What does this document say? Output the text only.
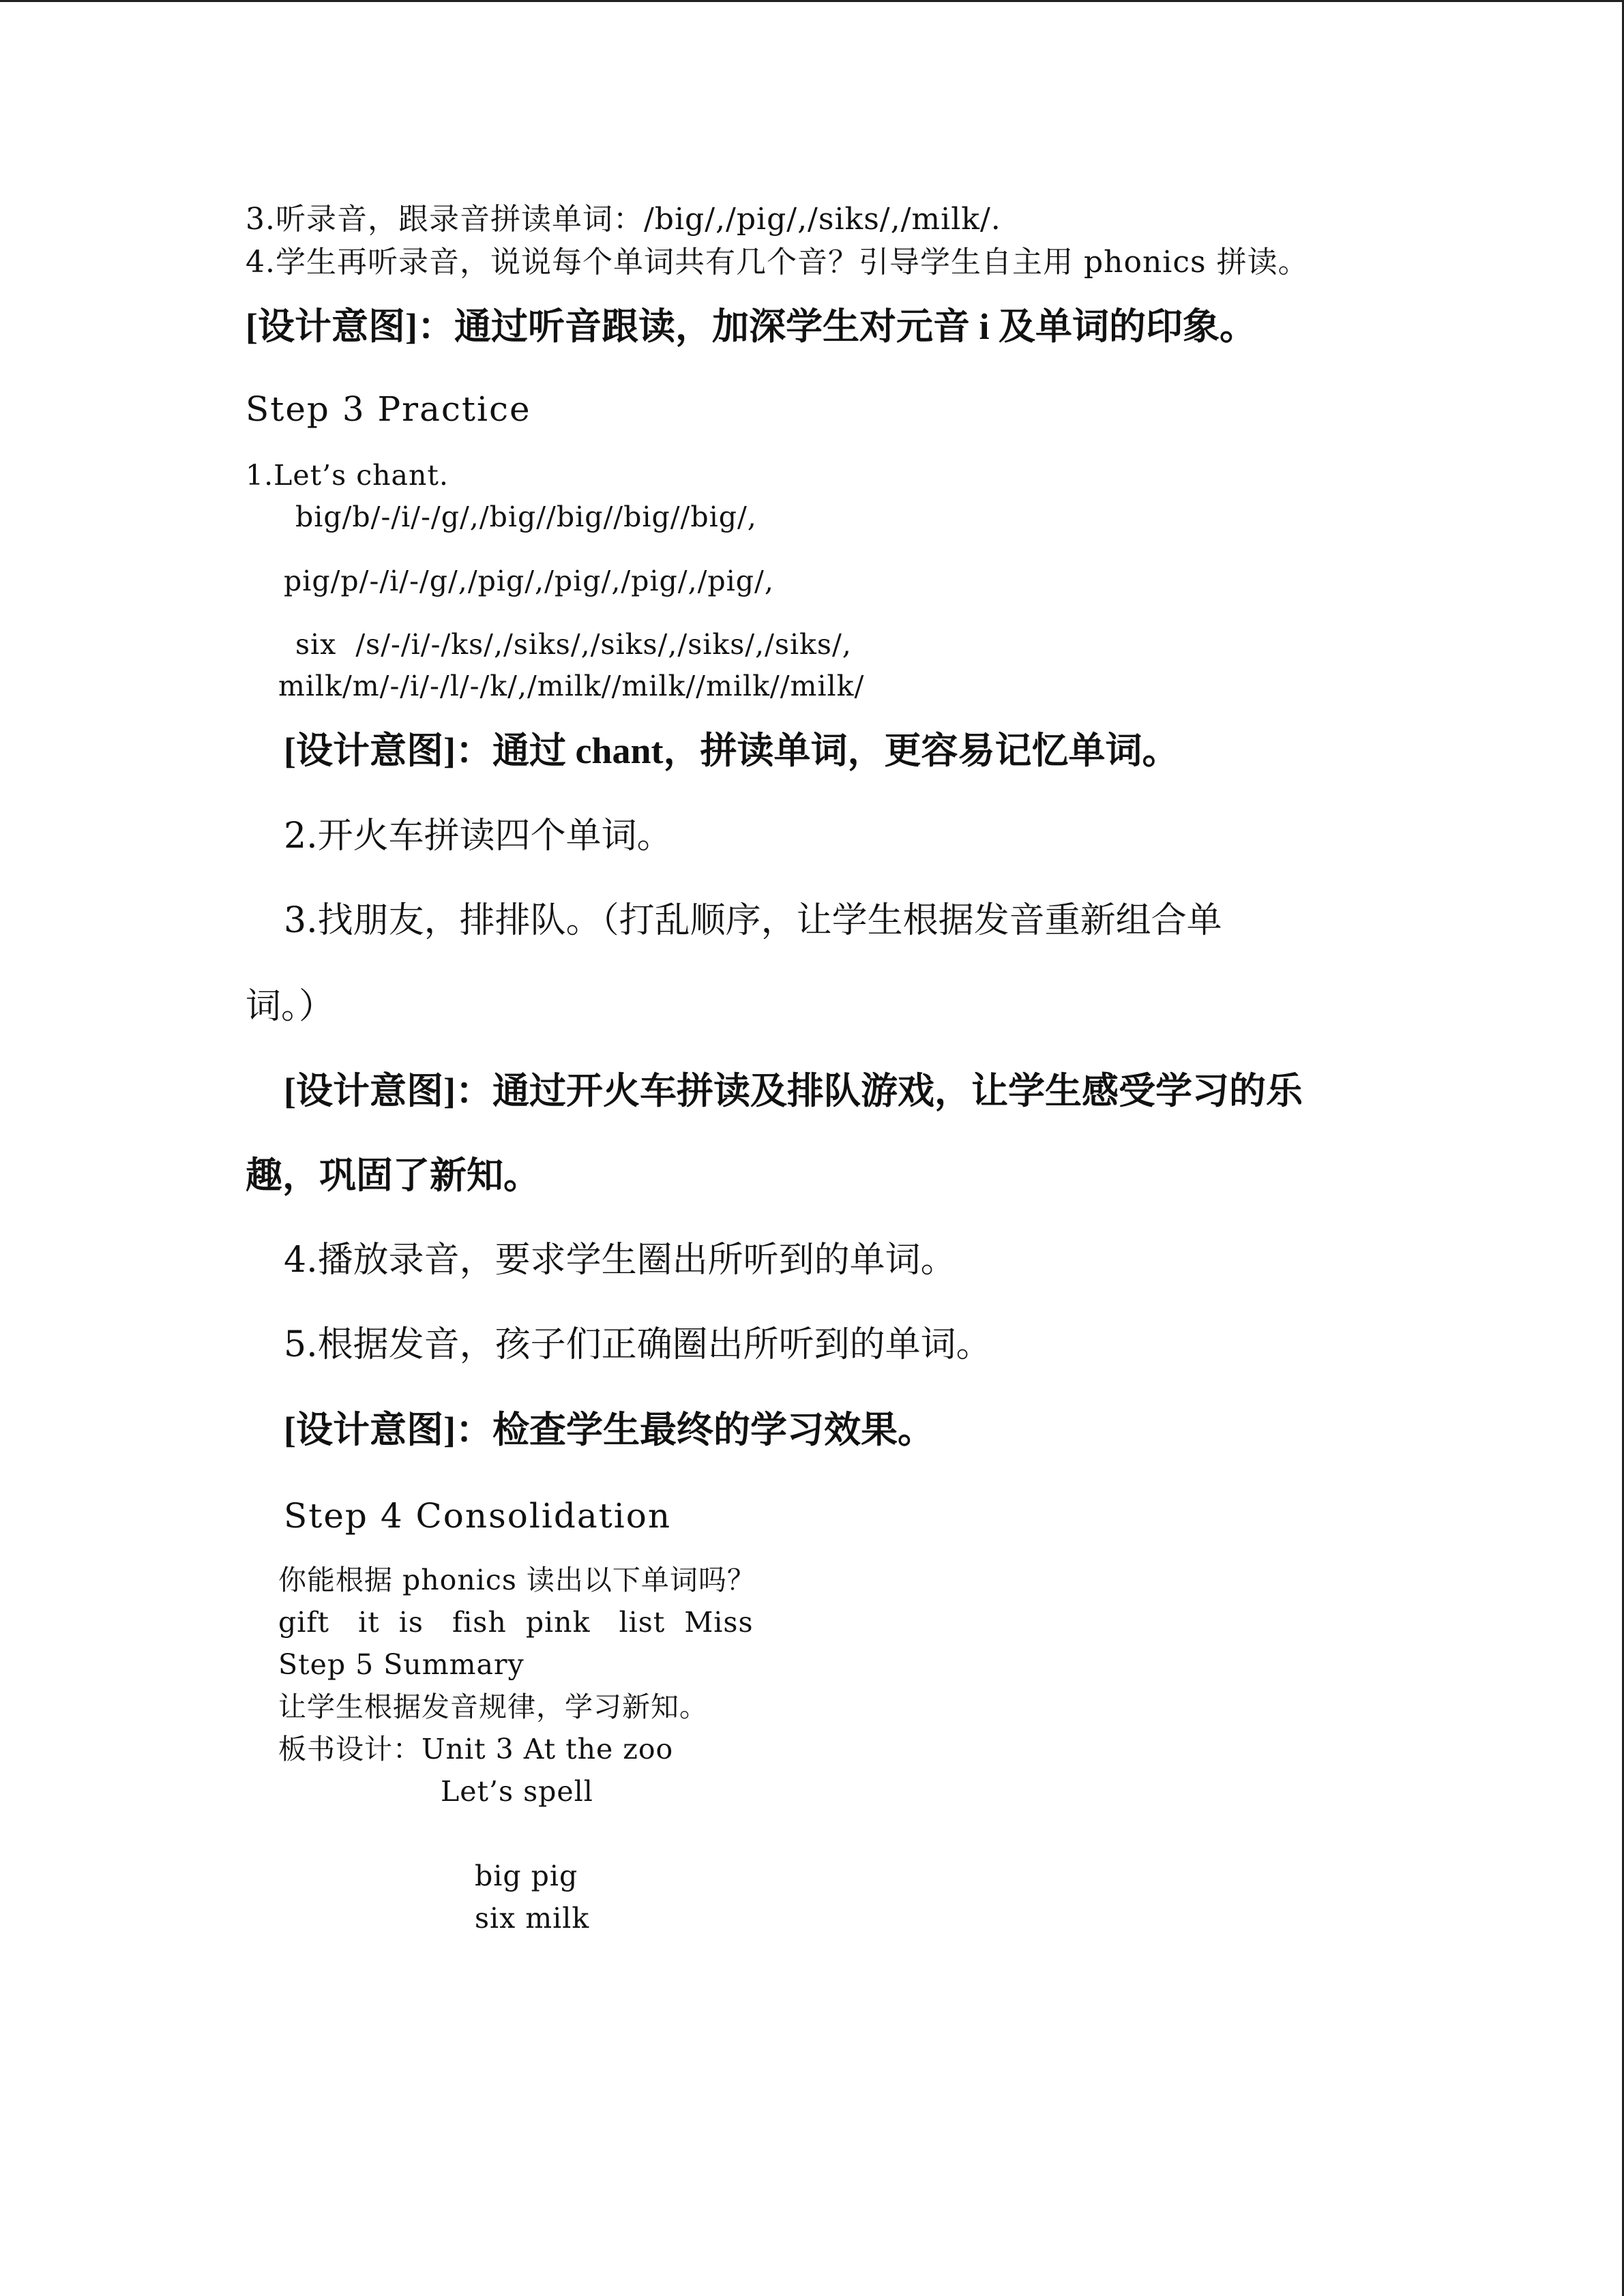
3.听录音，跟录音拼读单词：/big/,/pig/,/siks/,/milk/.
4.学生再听录音，说说每个单词共有几个音？引导学生自主用 phonics 拼读。
[设计意图]：通过听音跟读，加深学生对元音 i 及单词的印象。
Step 3 Practice
1.Let’s chant.
big/b/-/i/-/g/,/big//big//big//big/,
pig/p/-/i/-/g/,/pig/,/pig/,/pig/,/pig/,
six  /s/-/i/-/ks/,/siks/,/siks/,/siks/,/siks/,
milk/m/-/i/-/l/-/k/,/milk//milk//milk//milk/
[设计意图]：通过 chant，拼读单词，更容易记忆单词。
2.开火车拼读四个单词。
3.找朋友，排排队。（打乱顺序，让学生根据发音重新组合单
词。）
[设计意图]：通过开火车拼读及排队游戏，让学生感受学习的乐
趣，巩固了新知。
4.播放录音，要求学生圈出所听到的单词。
5.根据发音，孩子们正确圈出所听到的单词。
[设计意图]：检查学生最终的学习效果。
Step 4 Consolidation
你能根据 phonics 读出以下单词吗？
gift   it  is   fish  pink   list  Miss
Step 5 Summary
让学生根据发音规律，学习新知。
板书设计：Unit 3 At the zoo
Let’s spell
big pig
six milk
